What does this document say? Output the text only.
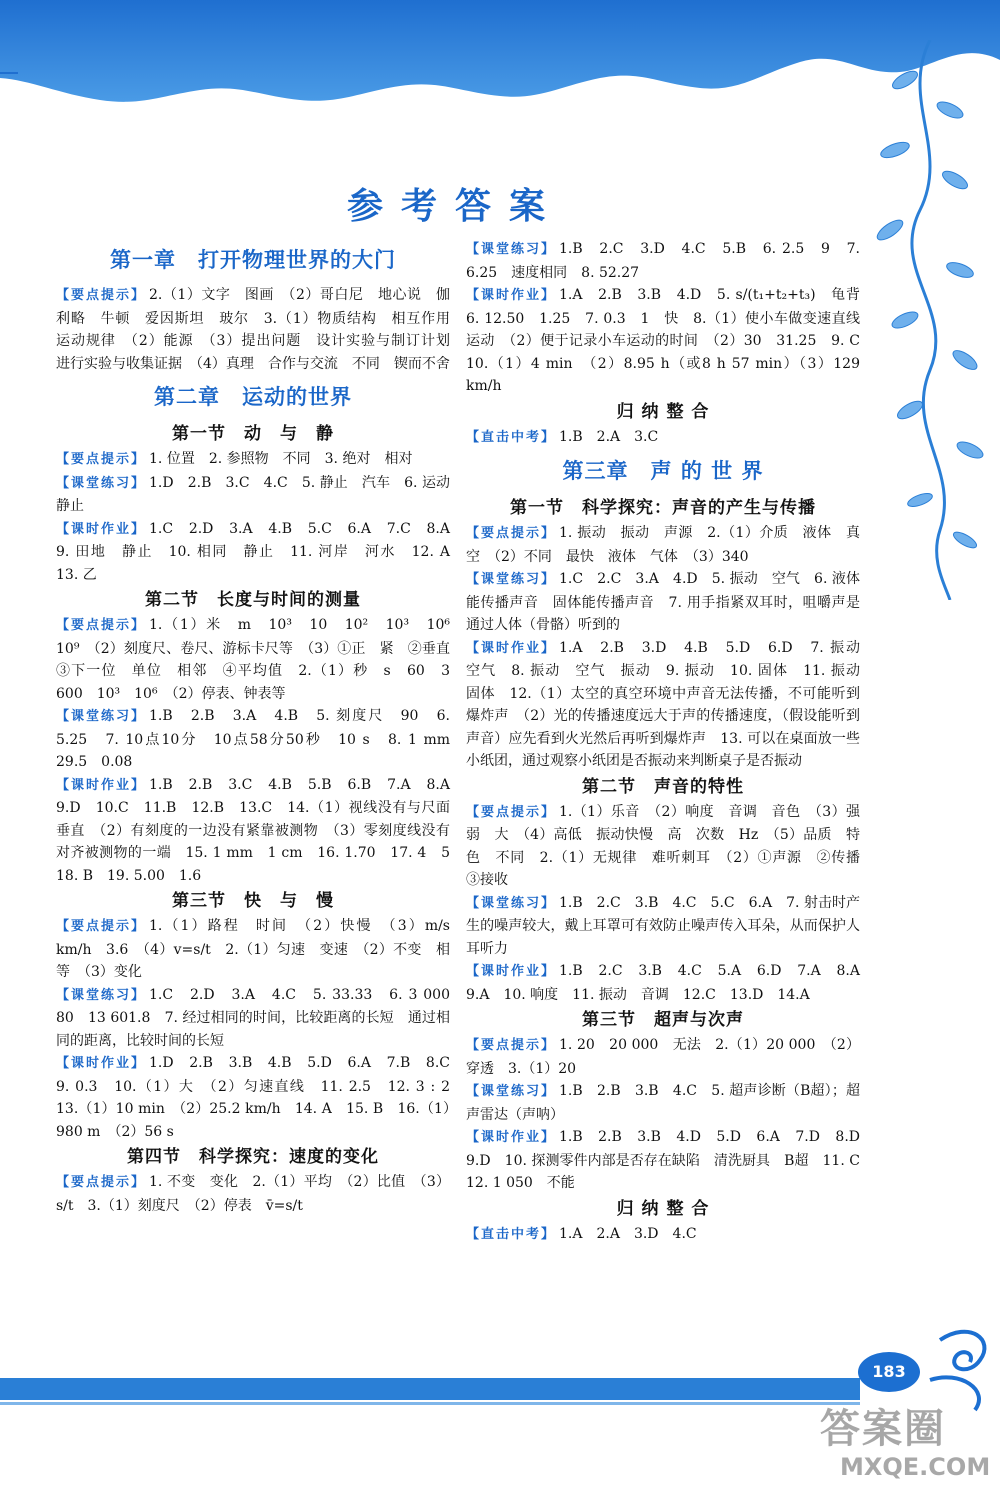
参考答案
第一章　打开物理世界的大门

【要点提示】 2.（1）文字　图画　（2）哥白尼　地心说　伽利略　牛顿　爱因斯坦　玻尔　3.（1）物质结构　相互作用　运动规律　（2）能源　（3）提出问题　设计实验与制订计划　进行实验与收集证据　（4）真理　合作与交流　不同　锲而不舍

第二章　运动的世界
第一节　动　与　静

【要点提示】 1. 位置　2. 参照物　不同　3. 绝对　相对

【课堂练习】 1.D　2.B　3.C　4.C　5. 静止　汽车　6. 运动　静止

【课时作业】 1.C　2.D　3.A　4.B　5.C　6.A　7.C　8.A　9. 田地　静止　10. 相同　静止　11. 河岸　河水　12. A　13. 乙

第二节　长度与时间的测量

【要点提示】 1.（1）米　m　10³　10　10²　10³　10⁶　10⁹　（2）刻度尺、卷尺、游标卡尺等　（3）①正　紧　②垂直　③下一位　单位　相邻　④平均值　2.（1）秒　s　60　3 600　10³　10⁶　（2）停表、钟表等

【课堂练习】 1.B　2.B　3.A　4.B　5. 刻度尺　90　6. 5.25　7. 10点10分　10点58分50秒　10 s　8. 1 mm　29.5　0.08

【课时作业】 1.B　2.B　3.C　4.B　5.B　6.B　7.A　8.A　9.D　10.C　11.B　12.B　13.C　14.（1）视线没有与尺面垂直　（2）有刻度的一边没有紧靠被测物　（3）零刻度线没有对齐被测物的一端　15. 1 mm　1 cm　16. 1.70　17. 4　5　18. B　19. 5.00　1.6

第三节　快　与　慢

【要点提示】 1.（1）路程　时间　（2）快慢　（3）m/s　km/h　3.6　（4）v=s/t　2.（1）匀速　变速　（2）不变　相等　（3）变化

【课堂练习】 1.C　2.D　3.A　4.C　5. 33.33　6. 3 000　80　13 601.8　7. 经过相同的时间，比较距离的长短　通过相同的距离，比较时间的长短

【课时作业】 1.D　2.B　3.B　4.B　5.D　6.A　7.B　8.C　9. 0.3　10.（1）大　（2）匀速直线　11. 2.5　12. 3 : 2　13.（1）10 min　（2）25.2 km/h　14. A　15. B　16.（1）980 m　（2）56 s

第四节　科学探究：速度的变化

【要点提示】 1. 不变　变化　2.（1）平均　（2）比值　（3）s/t　3.（1）刻度尺　（2）停表　v̄=s/t

【课堂练习】 1.B　2.C　3.D　4.C　5.B　6. 2.5　9　7. 6.25　速度相同　8. 52.27

【课时作业】 1.A　2.B　3.B　4.D　5. s/(t₁+t₂+t₃)　龟背　6. 12.50　1.25　7. 0.3　1　快　8.（1）使小车做变速直线运动　（2）便于记录小车运动的时间　（2）30　31.25　9. C　10.（1）4 min　（2）8.95 h（或8 h 57 min）（3）129 km/h

归 纳 整 合

【直击中考】 1.B　2.A　3.C

第三章　声 的 世 界
第一节　科学探究：声音的产生与传播

【要点提示】 1. 振动　振动　声源　2.（1）介质　液体　真空　（2）不同　最快　液体　气体　（3）340

【课堂练习】 1.C　2.C　3.A　4.D　5. 振动　空气　6. 液体能传播声音　固体能传播声音　7. 用手指紧双耳时，咀嚼声是通过人体（骨骼）听到的

【课时作业】 1.A　2.B　3.D　4.B　5.D　6.D　7. 振动　空气　8. 振动　空气　振动　9. 振动　10. 固体　11. 振动　固体　12.（1）太空的真空环境中声音无法传播，不可能听到爆炸声　（2）光的传播速度远大于声的传播速度，（假设能听到声音）应先看到火光然后再听到爆炸声　13. 可以在桌面放一些小纸团，通过观察小纸团是否振动来判断桌子是否振动

第二节　声音的特性

【要点提示】 1.（1）乐音　（2）响度　音调　音色　（3）强弱　大　（4）高低　振动快慢　高　次数　Hz　（5）品质　特色　不同　2.（1）无规律　难听刺耳　（2）①声源　②传播　③接收

【课堂练习】 1.B　2.C　3.B　4.C　5.C　6.A　7. 射击时产生的噪声较大，戴上耳罩可有效防止噪声传入耳朵，从而保护人耳听力

【课时作业】 1.B　2.C　3.B　4.C　5.A　6.D　7.A　8.A　9.A　10. 响度　11. 振动　音调　12.C　13.D　14.A

第三节　超声与次声

【要点提示】 1. 20　20 000　无法　2.（1）20 000　（2）穿透　3.（1）20

【课堂练习】 1.B　2.B　3.B　4.C　5. 超声诊断（B超）；超声雷达（声呐）

【课时作业】 1.B　2.B　3.B　4.D　5.D　6.A　7.D　8.D　9.D　10. 探测零件内部是否存在缺陷　清洗厨具　B超　11. C　12. 1 050　不能

归 纳 整 合

【直击中考】 1.A　2.A　3.D　4.C

183
答案圈
MXQE.COM
